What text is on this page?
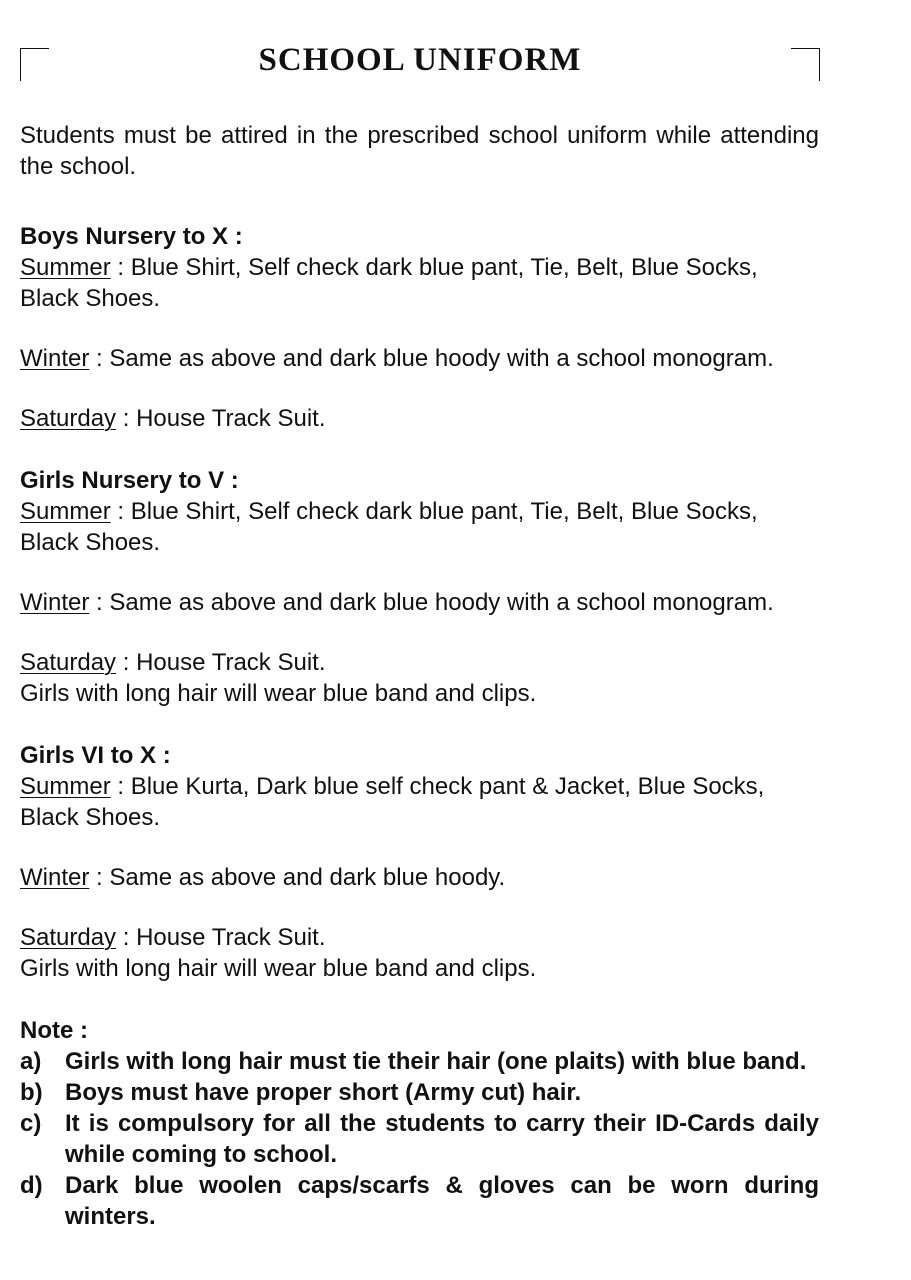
SCHOOL UNIFORM

Students must be attired in the prescribed school uniform while attending the school.

Boys Nursery to X :

Summer : Blue Shirt, Self check dark blue pant, Tie, Belt, Blue Socks, Black Shoes.

Winter : Same as above and dark blue hoody with a school monogram.

Saturday : House Track Suit.

Girls Nursery to V :

Summer : Blue Shirt, Self check dark blue pant, Tie, Belt, Blue Socks, Black Shoes.

Winter : Same as above and dark blue hoody with a school monogram.

Saturday : House Track Suit.

Girls with long hair will wear blue band and clips.

Girls VI to X :

Summer : Blue Kurta, Dark blue self check pant & Jacket, Blue Socks, Black Shoes.

Winter : Same as above and dark blue hoody.

Saturday : House Track Suit.

Girls with long hair will wear blue band and clips.

Note :

a) Girls with long hair must tie their hair (one plaits) with blue band.
b) Boys must have proper short (Army cut) hair.
c) It is compulsory for all the students to carry their ID-Cards daily while coming to school.
d) Dark blue woolen caps/scarfs & gloves can be worn during winters.
